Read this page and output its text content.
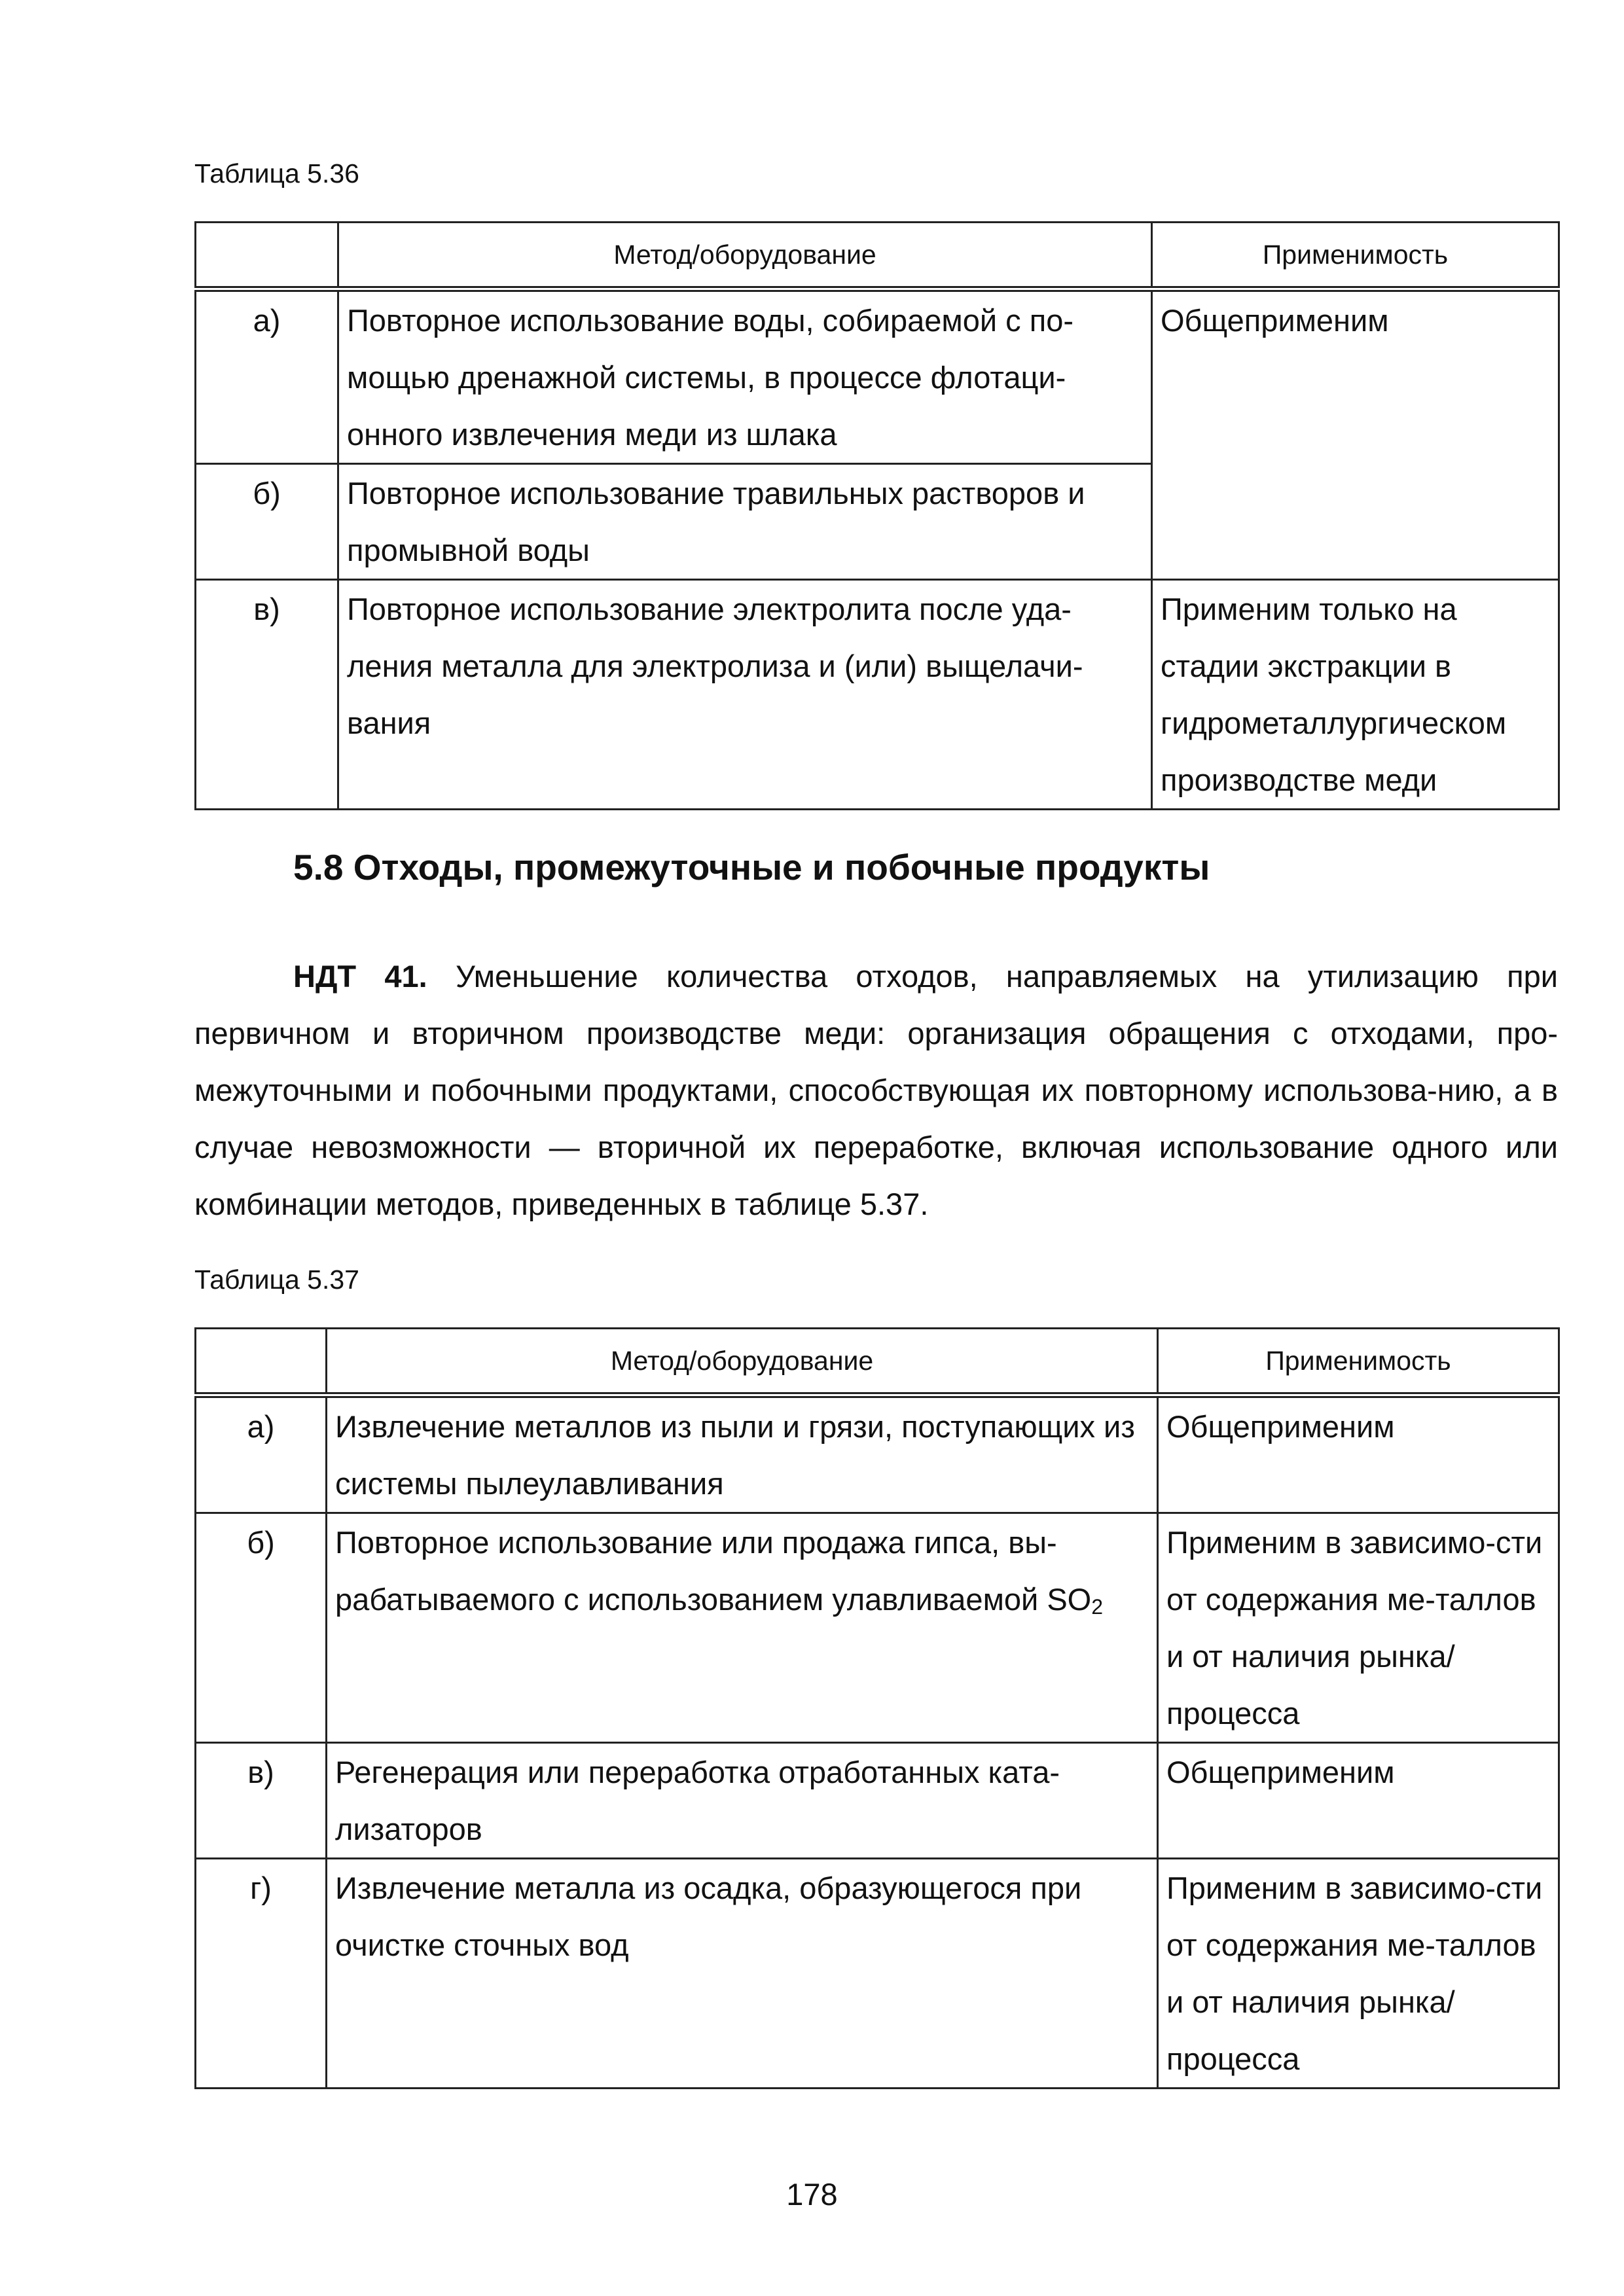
Таблица 5.36
	Метод/оборудование	Применимость
а)	Повторное использование воды, собираемой с по-мощью дренажной системы, в процессе флотаци-онного извлечения меди из шлака	Общеприменим
б)	Повторное использование травильных растворов и промывной воды	
в)	Повторное использование электролита после уда-ления металла для электролиза и (или) выщелачи-вания	Применим только на стадии экстракции в гидрометаллургическом производстве меди
5.8 Отходы, промежуточные и побочные продукты
НДТ 41. Уменьшение количества отходов, направляемых на утилизацию при первичном и вторичном производстве меди: организация обращения с отходами, про-межуточными и побочными продуктами, способствующая их повторному использова-нию, а в случае невозможности — вторичной их переработке, включая использование одного или комбинации методов, приведенных в таблице 5.37.
Таблица 5.37
	Метод/оборудование	Применимость
а)	Извлечение металлов из пыли и грязи, поступающих из системы пылеулавливания	Общеприменим
б)	Повторное использование или продажа гипса, вы-рабатываемого с использованием улавливаемой $SO_2$	Применим в зависимо-сти от содержания ме-таллов и от наличия рынка/процесса
в)	Регенерация или переработка отработанных ката-лизаторов	Общеприменим
г)	Извлечение металла из осадка, образующегося при очистке сточных вод	Применим в зависимо-сти от содержания ме-таллов и от наличия рынка/процесса
178
